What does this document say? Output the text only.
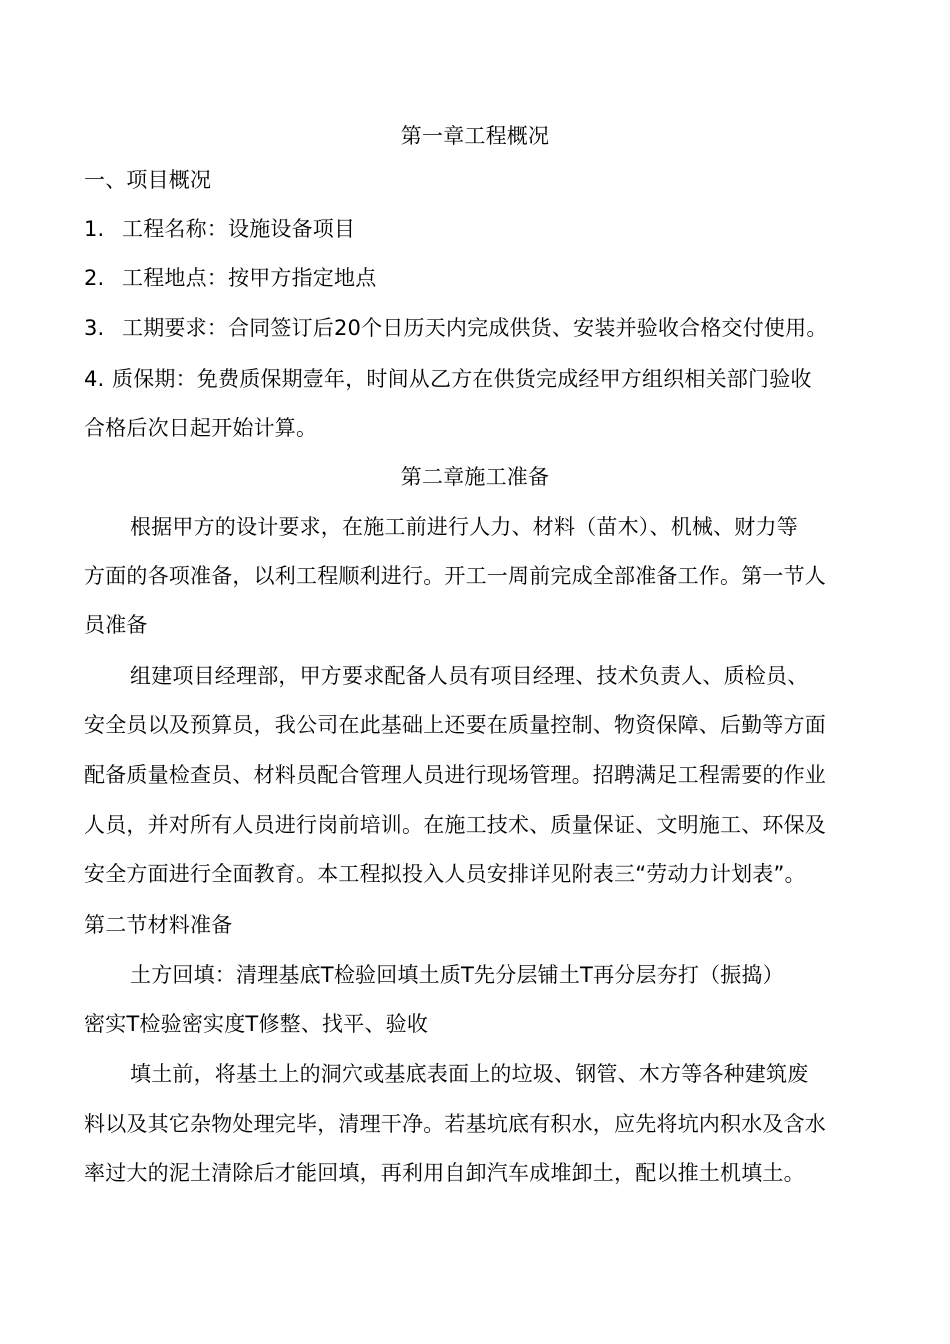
第一章工程概况
一、项目概况
1. 工程名称：设施设备项目
2. 工程地点：按甲方指定地点
3. 工期要求：合同签订后20个日历天内完成供货、安装并验收合格交付使用。
4. 质保期：免费质保期壹年，时间从乙方在供货完成经甲方组织相关部门验收
合格后次日起开始计算。
第二章施工准备
根据甲方的设计要求，在施工前进行人力、材料（苗木）、机械、财力等
方面的各项准备，以利工程顺利进行。开工一周前完成全部准备工作。第一节人
员准备
组建项目经理部，甲方要求配备人员有项目经理、技术负责人、质检员、
安全员以及预算员，我公司在此基础上还要在质量控制、物资保障、后勤等方面
配备质量检查员、材料员配合管理人员进行现场管理。招聘满足工程需要的作业
人员，并对所有人员进行岗前培训。在施工技术、质量保证、文明施工、环保及
安全方面进行全面教育。本工程拟投入人员安排详见附表三“劳动力计划表”。
第二节材料准备
土方回填：清理基底T检验回填土质T先分层铺土T再分层夯打（振捣）
密实T检验密实度T修整、找平、验收
填土前，将基土上的洞穴或基底表面上的垃圾、钢管、木方等各种建筑废
料以及其它杂物处理完毕，清理干净。若基坑底有积水，应先将坑内积水及含水
率过大的泥土清除后才能回填，再利用自卸汽车成堆卸土，配以推土机填土。
